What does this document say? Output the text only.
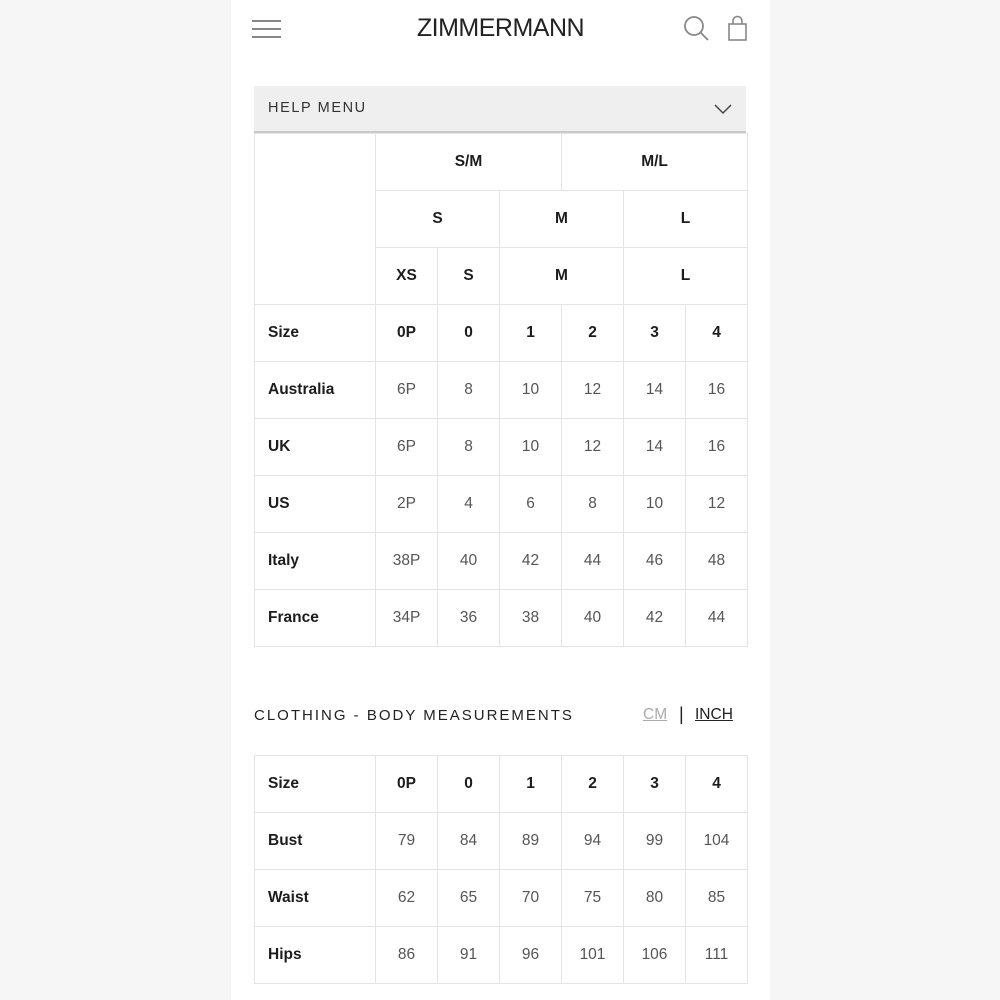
ZIMMERMANN
HELP MENU
	S/M			M/L		
	S		M		L	
	XS	S	M		L	
Size	0P	0	1	2	3	4
Australia	6P	8	10	12	14	16
UK	6P	8	10	12	14	16
US	2P	4	6	8	10	12
Italy	38P	40	42	44	46	48
France	34P	36	38	40	42	44
CLOTHING - BODY MEASUREMENTS	CM | INCH
Size	0P	0	1	2	3	4
Bust	79	84	89	94	99	104
Waist	62	65	70	75	80	85
Hips	86	91	96	101	106	111
